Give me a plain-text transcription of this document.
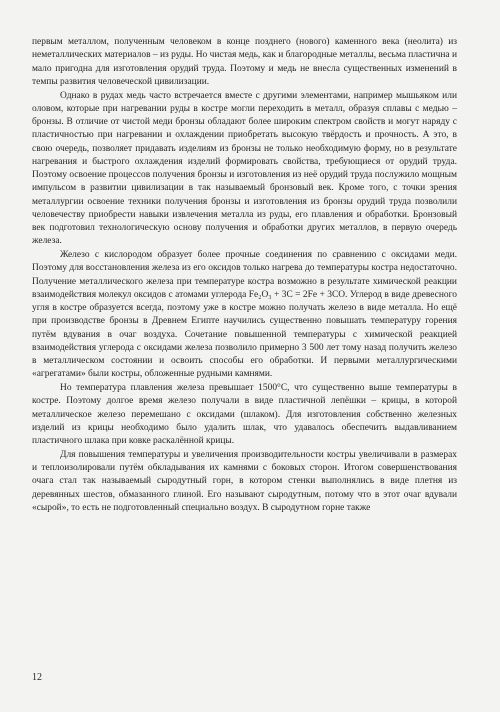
первым металлом, полученным человеком в конце позднего (нового) каменного века (неолита) из неметаллических материалов – из руды. Но чистая медь, как и благородные металлы, весьма пластична и мало пригодна для изготовления орудий труда. Поэтому и медь не внесла существенных изменений в темпы развития человеческой цивилизации.

Однако в рудах медь часто встречается вместе с другими элементами, например мышьяком или оловом, которые при нагревании руды в костре могли переходить в металл, образуя сплавы с медью – бронзы. В отличие от чистой меди бронзы обладают более широким спектром свойств и могут наряду с пластичностью при нагревании и охлаждении приобретать высокую твёрдость и прочность. А это, в свою очередь, позволяет придавать изделиям из бронзы не только необходимую форму, но в результате нагревания и быстрого охлаждения изделий формировать свойства, требующиеся от орудий труда. Поэтому освоение процессов получения бронзы и изготовления из неё орудий труда послужило мощным импульсом в развитии цивилизации в так называемый бронзовый век. Кроме того, с точки зрения металлургии освоение техники получения бронзы и изготовления из бронзы орудий труда позволили человечеству приобрести навыки извлечения металла из руды, его плавления и обработки. Бронзовый век подготовил технологическую основу получения и обработки других металлов, в первую очередь железа.

Железо с кислородом образует более прочные соединения по сравнению с оксидами меди. Поэтому для восстановления железа из его оксидов только нагрева до температуры костра недостаточно. Получение металлического железа при температуре костра возможно в результате химической реакции взаимодействия молекул оксидов с атомами углерода Fe₂O₃ + 3C = 2Fe + 3CO. Углерод в виде древесного угля в костре образуется всегда, поэтому уже в костре можно получать железо в виде металла. Но ещё при производстве бронзы в Древнем Египте научились существенно повышать температуру горения путём вдувания в очаг воздуха. Сочетание повышенной температуры с химической реакцией взаимодействия углерода с оксидами железа позволило примерно 3 500 лет тому назад получить железо в металлическом состоянии и освоить способы его обработки. И первыми металлургическими «агрегатами» были костры, обложенные рудными камнями.

Но температура плавления железа превышает 1500°C, что существенно выше температуры в костре. Поэтому долгое время железо получали в виде пластичной лепёшки – крицы, в которой металлическое железо перемешано с оксидами (шлаком). Для изготовления собственно железных изделий из крицы необходимо было удалить шлак, что удавалось обеспечить выдавливанием пластичного шлака при ковке раскалённой крицы.

Для повышения температуры и увеличения производительности костры увеличивали в размерах и теплоизолировали путём обкладывания их камнями с боковых сторон. Итогом совершенствования очага стал так называемый сыродутный горн, в котором стенки выполнялись в виде плетня из деревянных шестов, обмазанного глиной. Его называют сыродутным, потому что в этот очаг вдували «сырой», то есть не подготовленный специально воздух. В сыродутном горне также

12
